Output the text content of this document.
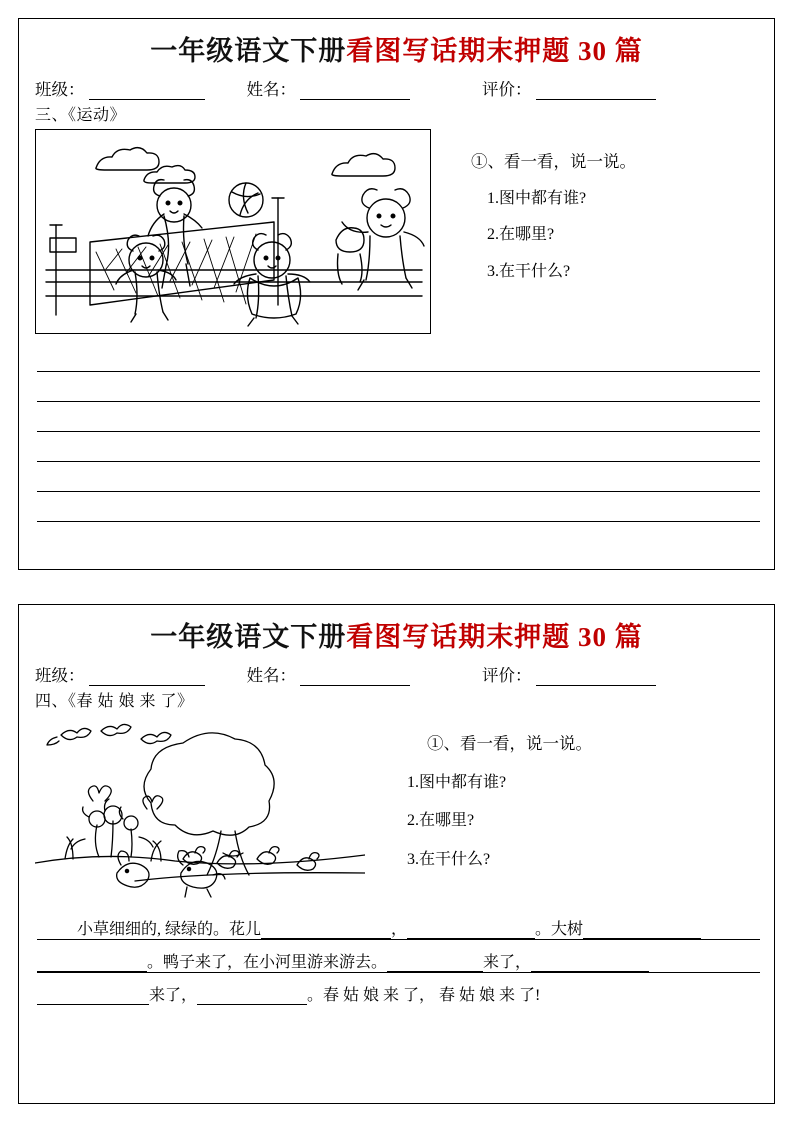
一年级语文下册 看图写话期末押题 30 篇
班级：	姓名：	评价：
三、《运动》
①、看一看，说一说。
1.图中都有谁?
2.在哪里?
3.在干什么?
一年级语文下册 看图写话期末押题 30 篇
班级：	姓名：	评价：
四、《春 姑 娘 来 了》
①、看一看，说一说。
1.图中都有谁?
2.在哪里?
3.在干什么?
小草细细的, 绿绿的。花儿	，	。大树
。鸭子来了，在小河里游来游去。	来了，
来了，	。春 姑 娘 来 了， 春 姑 娘 来 了!
